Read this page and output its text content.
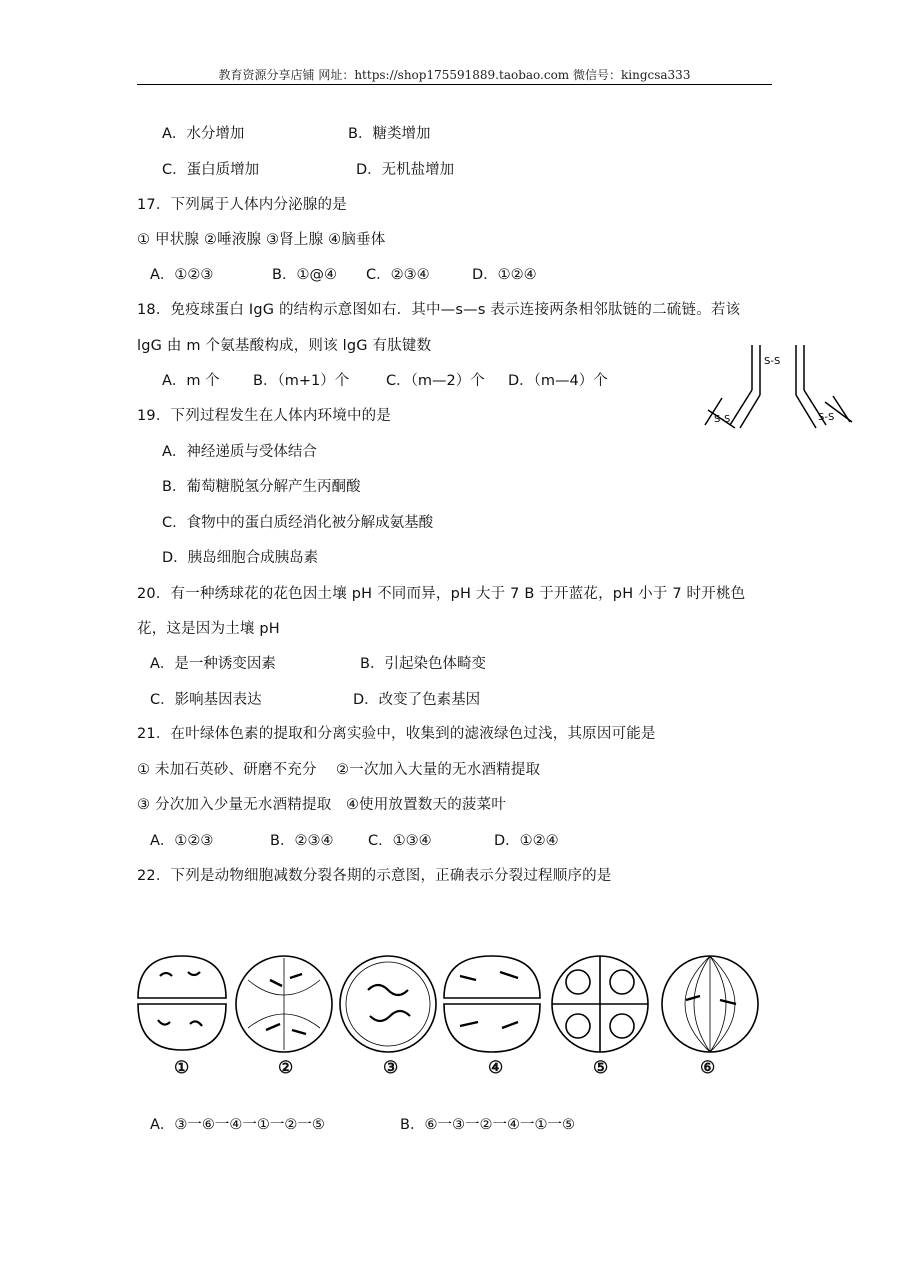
教育资源分享店铺 网址：https://shop175591889.taobao.com 微信号：kingcsa333
A．水分增加	B．糖类增加
C．蛋白质增加	D．无机盐增加
17．下列属于人体内分泌腺的是
① 甲状腺 ②唾液腺 ③肾上腺 ④脑垂体
A．①②③	B．①@④ C．②③④	D．①②④
18．免疫球蛋白 IgG 的结构示意图如右．其中—s—s 表示连接两条相邻肽链的二硫链。若该
lgG 由 m 个氨基酸构成，则该 lgG 有肽键数
A．m 个 B．（m+1）个	C．（m—2）个 D．（m—4）个
S-S
S-S	S-S
19．下列过程发生在人体内环境中的是
A．神经递质与受体结合
B．葡萄糖脱氢分解产生丙酮酸
C．食物中的蛋白质经消化被分解成氨基酸
D．胰岛细胞合成胰岛素
20．有一种绣球花的花色因土壤 pH 不同而异，pH 大于 7 B 于开蓝花，pH 小于 7 时开桃色
花，这是因为土壤 pH
A．是一种诱变因素	B．引起染色体畸变
C．影响基因表达	D．改变了色素基因
21．在叶绿体色素的提取和分离实验中，收集到的滤液绿色过浅，其原因可能是
① 未加石英砂、研磨不充分    ②一次加入大量的无水酒精提取
③ 分次加入少量无水酒精提取   ④使用放置数天的菠菜叶
A．①②③	B．②③④ C．①③④	D．①②④
22．下列是动物细胞减数分裂各期的示意图，正确表示分裂过程顺序的是
①	②	③	④	⑤	⑥
A．③一⑥一④一①一②一⑤	B．⑥一③一②一④一①一⑤
